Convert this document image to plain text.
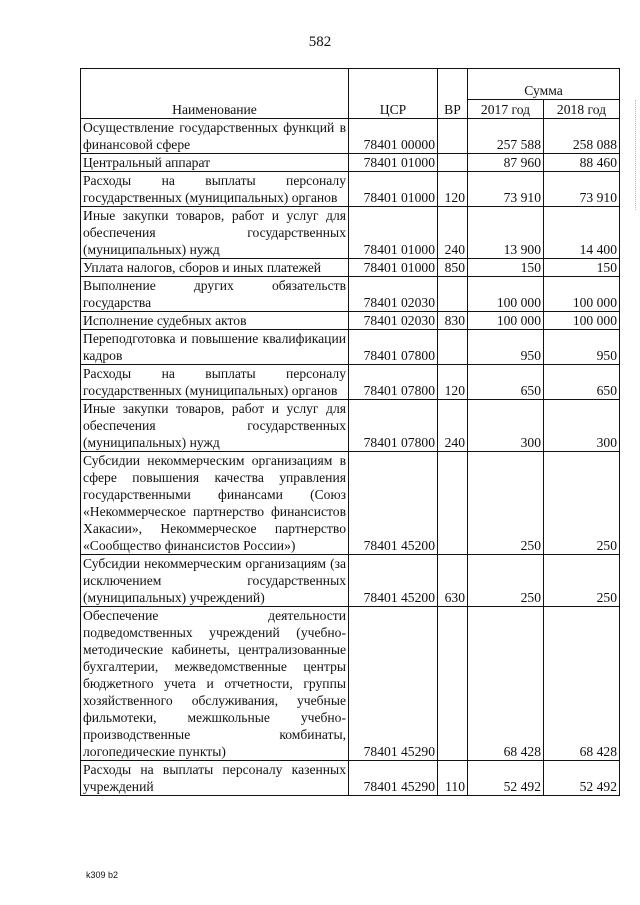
582
Наименование	ЦСР	ВР	Сумма	
			2017 год	2018 год
Осуществление государственных функций в финансовой сфере	78401 00000		257 588	258 088
Центральный аппарат	78401 01000		87 960	88 460
Расходы на выплаты персоналу государственных (муниципальных) органов	78401 01000	120	73 910	73 910
Иные закупки товаров, работ и услуг для обеспечения государственных (муниципальных) нужд	78401 01000	240	13 900	14 400
Уплата налогов, сборов и иных платежей	78401 01000	850	150	150
Выполнение других обязательств государства	78401 02030		100 000	100 000
Исполнение судебных актов	78401 02030	830	100 000	100 000
Переподготовка и повышение квалификации кадров	78401 07800		950	950
Расходы на выплаты персоналу государственных (муниципальных) органов	78401 07800	120	650	650
Иные закупки товаров, работ и услуг для обеспечения государственных (муниципальных) нужд	78401 07800	240	300	300
Субсидии некоммерческим организациям в сфере повышения качества управления государственными финансами (Союз «Некоммерческое партнерство финансистов Хакасии», Некоммерческое партнерство «Сообщество финансистов России»)	78401 45200		250	250
Субсидии некоммерческим организациям (за исключением государственных (муниципальных) учреждений)	78401 45200	630	250	250
Обеспечение деятельности подведомственных учреждений (учебно-методические кабинеты, централизованные бухгалтерии, межведомственные центры бюджетного учета и отчетности, группы хозяйственного обслуживания, учебные фильмотеки, межшкольные учебно-производственные комбинаты, логопедические пункты)	78401 45290		68 428	68 428
Расходы на выплаты персоналу казенных учреждений	78401 45290	110	52 492	52 492
k309 b2
